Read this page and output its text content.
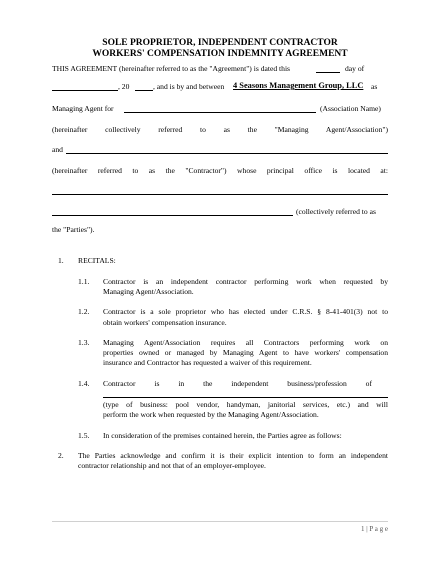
SOLE PROPRIETOR, INDEPENDENT CONTRACTOR
WORKERS' COMPENSATION INDEMNITY AGREEMENT
THIS AGREEMENT (hereinafter referred to as the "Agreement") is dated this	day of
, 20	, and is by and between 4 Seasons Management Group, LLC as
Managing Agent for	(Association Name)
(hereinafter collectively referred to as the "Managing Agent/Association")
and
(hereinafter referred to as the "Contractor") whose principal office is located at:
(collectively referred to as
the "Parties").
1. RECITALS:
1.1. Contractor is an independent contractor performing work when requested by
Managing Agent/Association.
1.2. Contractor is a sole proprietor who has elected under C.R.S. § 8-41-401(3) not to
obtain workers' compensation insurance.
1.3. Managing Agent/Association requires all Contractors performing work on
properties owned or managed by Managing Agent to have workers' compensation
insurance and Contractor has requested a waiver of this requirement.
1.4. Contractor is in the independent business/profession of
(type of business: pool vendor, handyman, janitorial services, etc.) and will
perform the work when requested by the Managing Agent/Association.
1.5. In consideration of the premises contained herein, the Parties agree as follows:
2. The Parties acknowledge and confirm it is their explicit intention to form an independent
contractor relationship and not that of an employer-employee.
1 | P a g e
